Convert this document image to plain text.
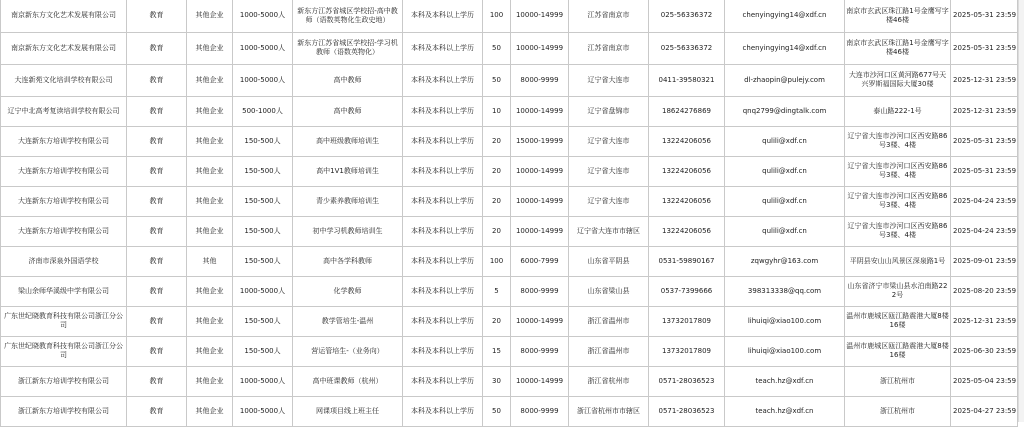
南京新东方文化艺术发展有限公司	教育	其他企业	1000-5000人	新东方江苏省城区学校招-高中教师（语数英物化生政史地）	本科及本科以上学历	100	10000-14999	江苏省南京市	025-56336372	chenyingying14@xdf.cn	南京市玄武区珠江路1号金鹰写字楼46楼	2025-05-31 23:59
南京新东方文化艺术发展有限公司	教育	其他企业	1000-5000人	新东方江苏省城区学校招-学习机教师（语数英物化）	本科及本科以上学历	50	10000-14999	江苏省南京市	025-56336372	chenyingying14@xdf.cn	南京市玄武区珠江路1号金鹰写字楼46楼	2025-05-31 23:59
大连新苑文化培训学校有限公司	教育	其他企业	1000-5000人	高中教师	本科及本科以上学历	50	8000-9999	辽宁省大连市	0411-39580321	dl-zhaopin@pulejy.com	大连市沙河口区黄河路677号天兴罗斯福国际大厦30楼	2025-12-31 23:59
辽宁中北高考复读培训学校有限公司	教育	其他企业	500-1000人	高中教师	本科及本科以上学历	10	10000-14999	辽宁省盘锦市	18624276869	qnq2799@dingtalk.com	泰山路222-1号	2025-12-31 23:59
大连新东方培训学校有限公司	教育	其他企业	150-500人	高中班级教师培训生	本科及本科以上学历	20	15000-19999	辽宁省大连市	13224206056	qulili@xdf.cn	辽宁省大连市沙河口区西安路86号3楼、4楼	2025-05-31 23:59
大连新东方培训学校有限公司	教育	其他企业	150-500人	高中1V1教师培训生	本科及本科以上学历	20	10000-14999	辽宁省大连市	13224206056	qulili@xdf.cn	辽宁省大连市沙河口区西安路86号3楼、4楼	2025-05-31 23:59
大连新东方培训学校有限公司	教育	其他企业	150-500人	青少素养教师培训生	本科及本科以上学历	20	10000-14999	辽宁省大连市	13224206056	qulili@xdf.cn	辽宁省大连市沙河口区西安路86号3楼、4楼	2025-04-24 23:59
大连新东方培训学校有限公司	教育	其他企业	150-500人	初中学习机教师培训生	本科及本科以上学历	20	10000-14999	辽宁省大连市市辖区	13224206056	qulili@xdf.cn	辽宁省大连市沙河口区西安路86号3楼、4楼	2025-04-24 23:59
济南市深泉外国语学校	教育	其他	150-500人	高中各学科教师	本科及本科以上学历	100	6000-7999	山东省平阴县	0531-59890167	zqwgyhr@163.com	平阴县安山山风景区深泉路1号	2025-09-01 23:59
梁山余师华溪级中学有限公司	教育	其他企业	1000-5000人	化学教师	本科及本科以上学历	5	8000-9999	山东省梁山县	0537-7399666	398313338@qq.com	山东省济宁市梁山县水泊南路222号	2025-08-20 23:59
广东世纪晓教育科技有限公司浙江分公司	教育	其他企业	150-500人	教学管培生-温州	本科及本科以上学历	20	10000-14999	浙江省温州市	13732017809	lihuiqi@xiao100.com	温州市鹿城区瓯江路震港大厦8楼16楼	2025-12-31 23:59
广东世纪晓教育科技有限公司浙江分公司	教育	其他企业	150-500人	营运管培生-（业务向）	本科及本科以上学历	15	8000-9999	浙江省温州市	13732017809	lihuiqi@xiao100.com	温州市鹿城区瓯江路震港大厦8楼16楼	2025-06-30 23:59
浙江新东方培训学校有限公司	教育	其他企业	1000-5000人	高中班课教师（杭州）	本科及本科以上学历	30	10000-14999	浙江省杭州市	0571-28036523	teach.hz@xdf.cn	浙江杭州市	2025-05-04 23:59
浙江新东方培训学校有限公司	教育	其他企业	1000-5000人	网课项目线上班主任	本科及本科以上学历	50	8000-9999	浙江省杭州市市辖区	0571-28036523	teach.hz@xdf.cn	浙江杭州市	2025-04-27 23:59
